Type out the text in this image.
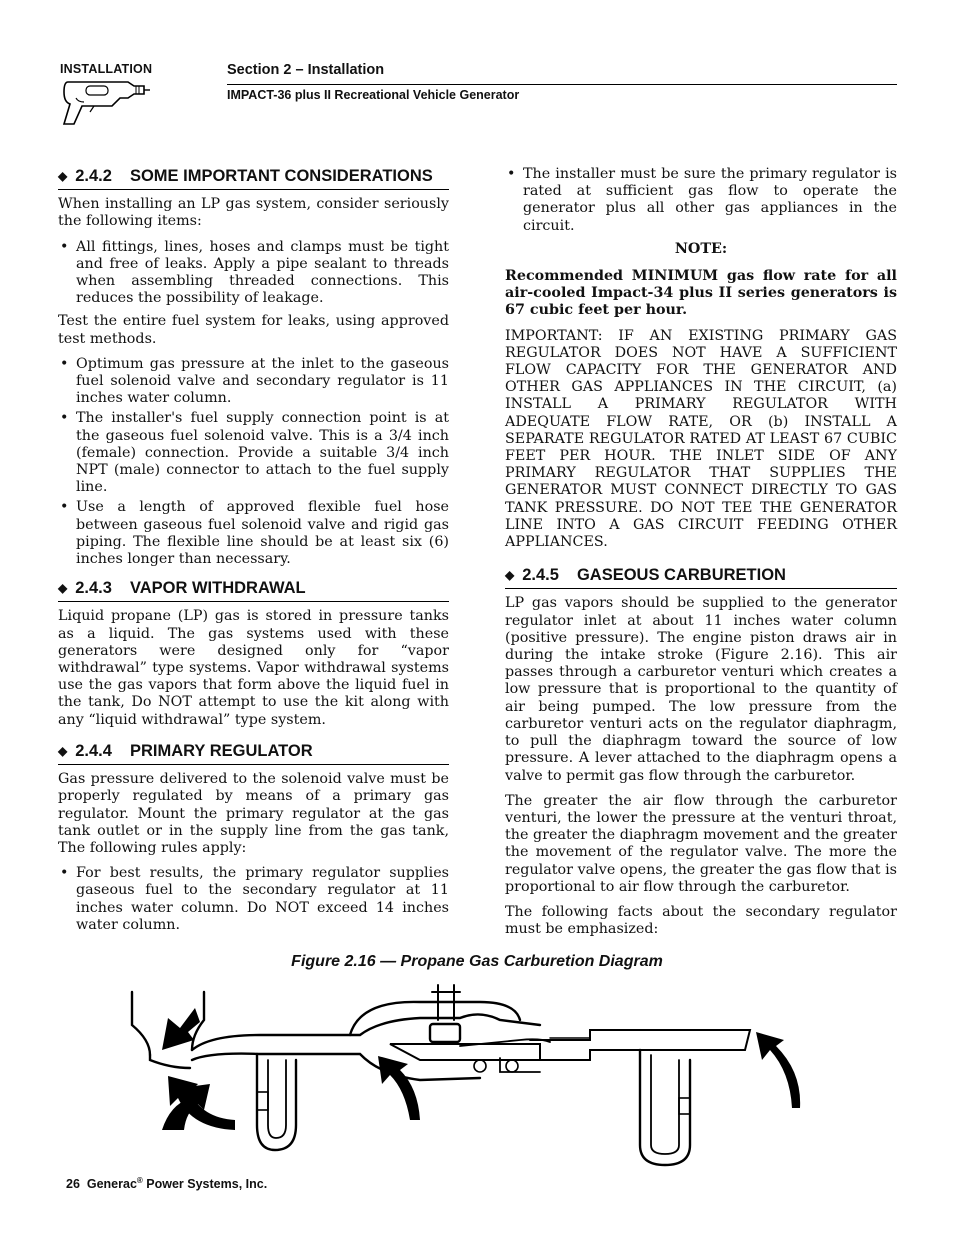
INSTALLATION	Section 2 – Installation
IMPACT-36 plus II Recreational Vehicle Generator
◆ 2.4.2 SOME IMPORTANT CONSIDERATIONS

When installing an LP gas system, consider seriously the following items:

• All fittings, lines, hoses and clamps must be tight and free of leaks. Apply a pipe sealant to threads when assembling threaded connections. This reduces the possibility of leakage.

Test the entire fuel system for leaks, using approved test methods.

• Optimum gas pressure at the inlet to the gaseous fuel solenoid valve and secondary regulator is 11 inches water column.
• The installer's fuel supply connection point is at the gaseous fuel solenoid valve. This is a 3/4 inch (female) connection. Provide a suitable 3/4 inch NPT (male) connector to attach to the fuel supply line.
• Use a length of approved flexible fuel hose between gaseous fuel solenoid valve and rigid gas piping. The flexible line should be at least six (6) inches longer than necessary.
◆ 2.4.3 VAPOR WITHDRAWAL

Liquid propane (LP) gas is stored in pressure tanks as a liquid. The gas systems used with these generators were designed only for “vapor withdrawal” type systems. Vapor withdrawal systems use the gas vapors that form above the liquid fuel in the tank, Do NOT attempt to use the kit along with any “liquid withdrawal” type system.

◆ 2.4.4 PRIMARY REGULATOR

Gas pressure delivered to the solenoid valve must be properly regulated by means of a primary gas regulator. Mount the primary regulator at the gas tank outlet or in the supply line from the gas tank, The following rules apply:

• For best results, the primary regulator supplies gaseous fuel to the secondary regulator at 11 inches water column. Do NOT exceed 14 inches water column.
• The installer must be sure the primary regulator is rated at sufficient gas flow to operate the generator plus all other gas appliances in the circuit.
NOTE:

Recommended MINIMUM gas flow rate for all air-cooled Impact-34 plus II series generators is 67 cubic feet per hour.

IMPORTANT: IF AN EXISTING PRIMARY GAS REGULATOR DOES NOT HAVE A SUFFICIENT FLOW CAPACITY FOR THE GENERATOR AND OTHER GAS APPLIANCES IN THE CIRCUIT, (a) INSTALL A PRIMARY REGULATOR WITH ADEQUATE FLOW RATE, OR (b) INSTALL A SEPARATE REGULATOR RATED AT LEAST 67 CUBIC FEET PER HOUR. THE INLET SIDE OF ANY PRIMARY REGULATOR THAT SUPPLIES THE GENERATOR MUST CONNECT DIRECTLY TO GAS TANK PRESSURE. DO NOT TEE THE GENERATOR LINE INTO A GAS CIRCUIT FEEDING OTHER APPLIANCES.

◆ 2.4.5 GASEOUS CARBURETION

LP gas vapors should be supplied to the generator regulator inlet at about 11 inches water column (positive pressure). The engine piston draws air in during the intake stroke (Figure 2.16). This air passes through a carburetor venturi which creates a low pressure that is proportional to the quantity of air being pumped. The low pressure from the carburetor venturi acts on the regulator diaphragm, to pull the diaphragm toward the source of low pressure. A lever attached to the diaphragm opens a valve to permit gas flow through the carburetor.

The greater the air flow through the carburetor venturi, the lower the pressure at the venturi throat, the greater the diaphragm movement and the greater the movement of the regulator valve. The more the regulator valve opens, the greater the gas flow that is proportional to air flow through the carburetor.

The following facts about the secondary regulator must be emphasized:

Figure 2.16 — Propane Gas Carburetion Diagram
26 Generac® Power Systems, Inc.
